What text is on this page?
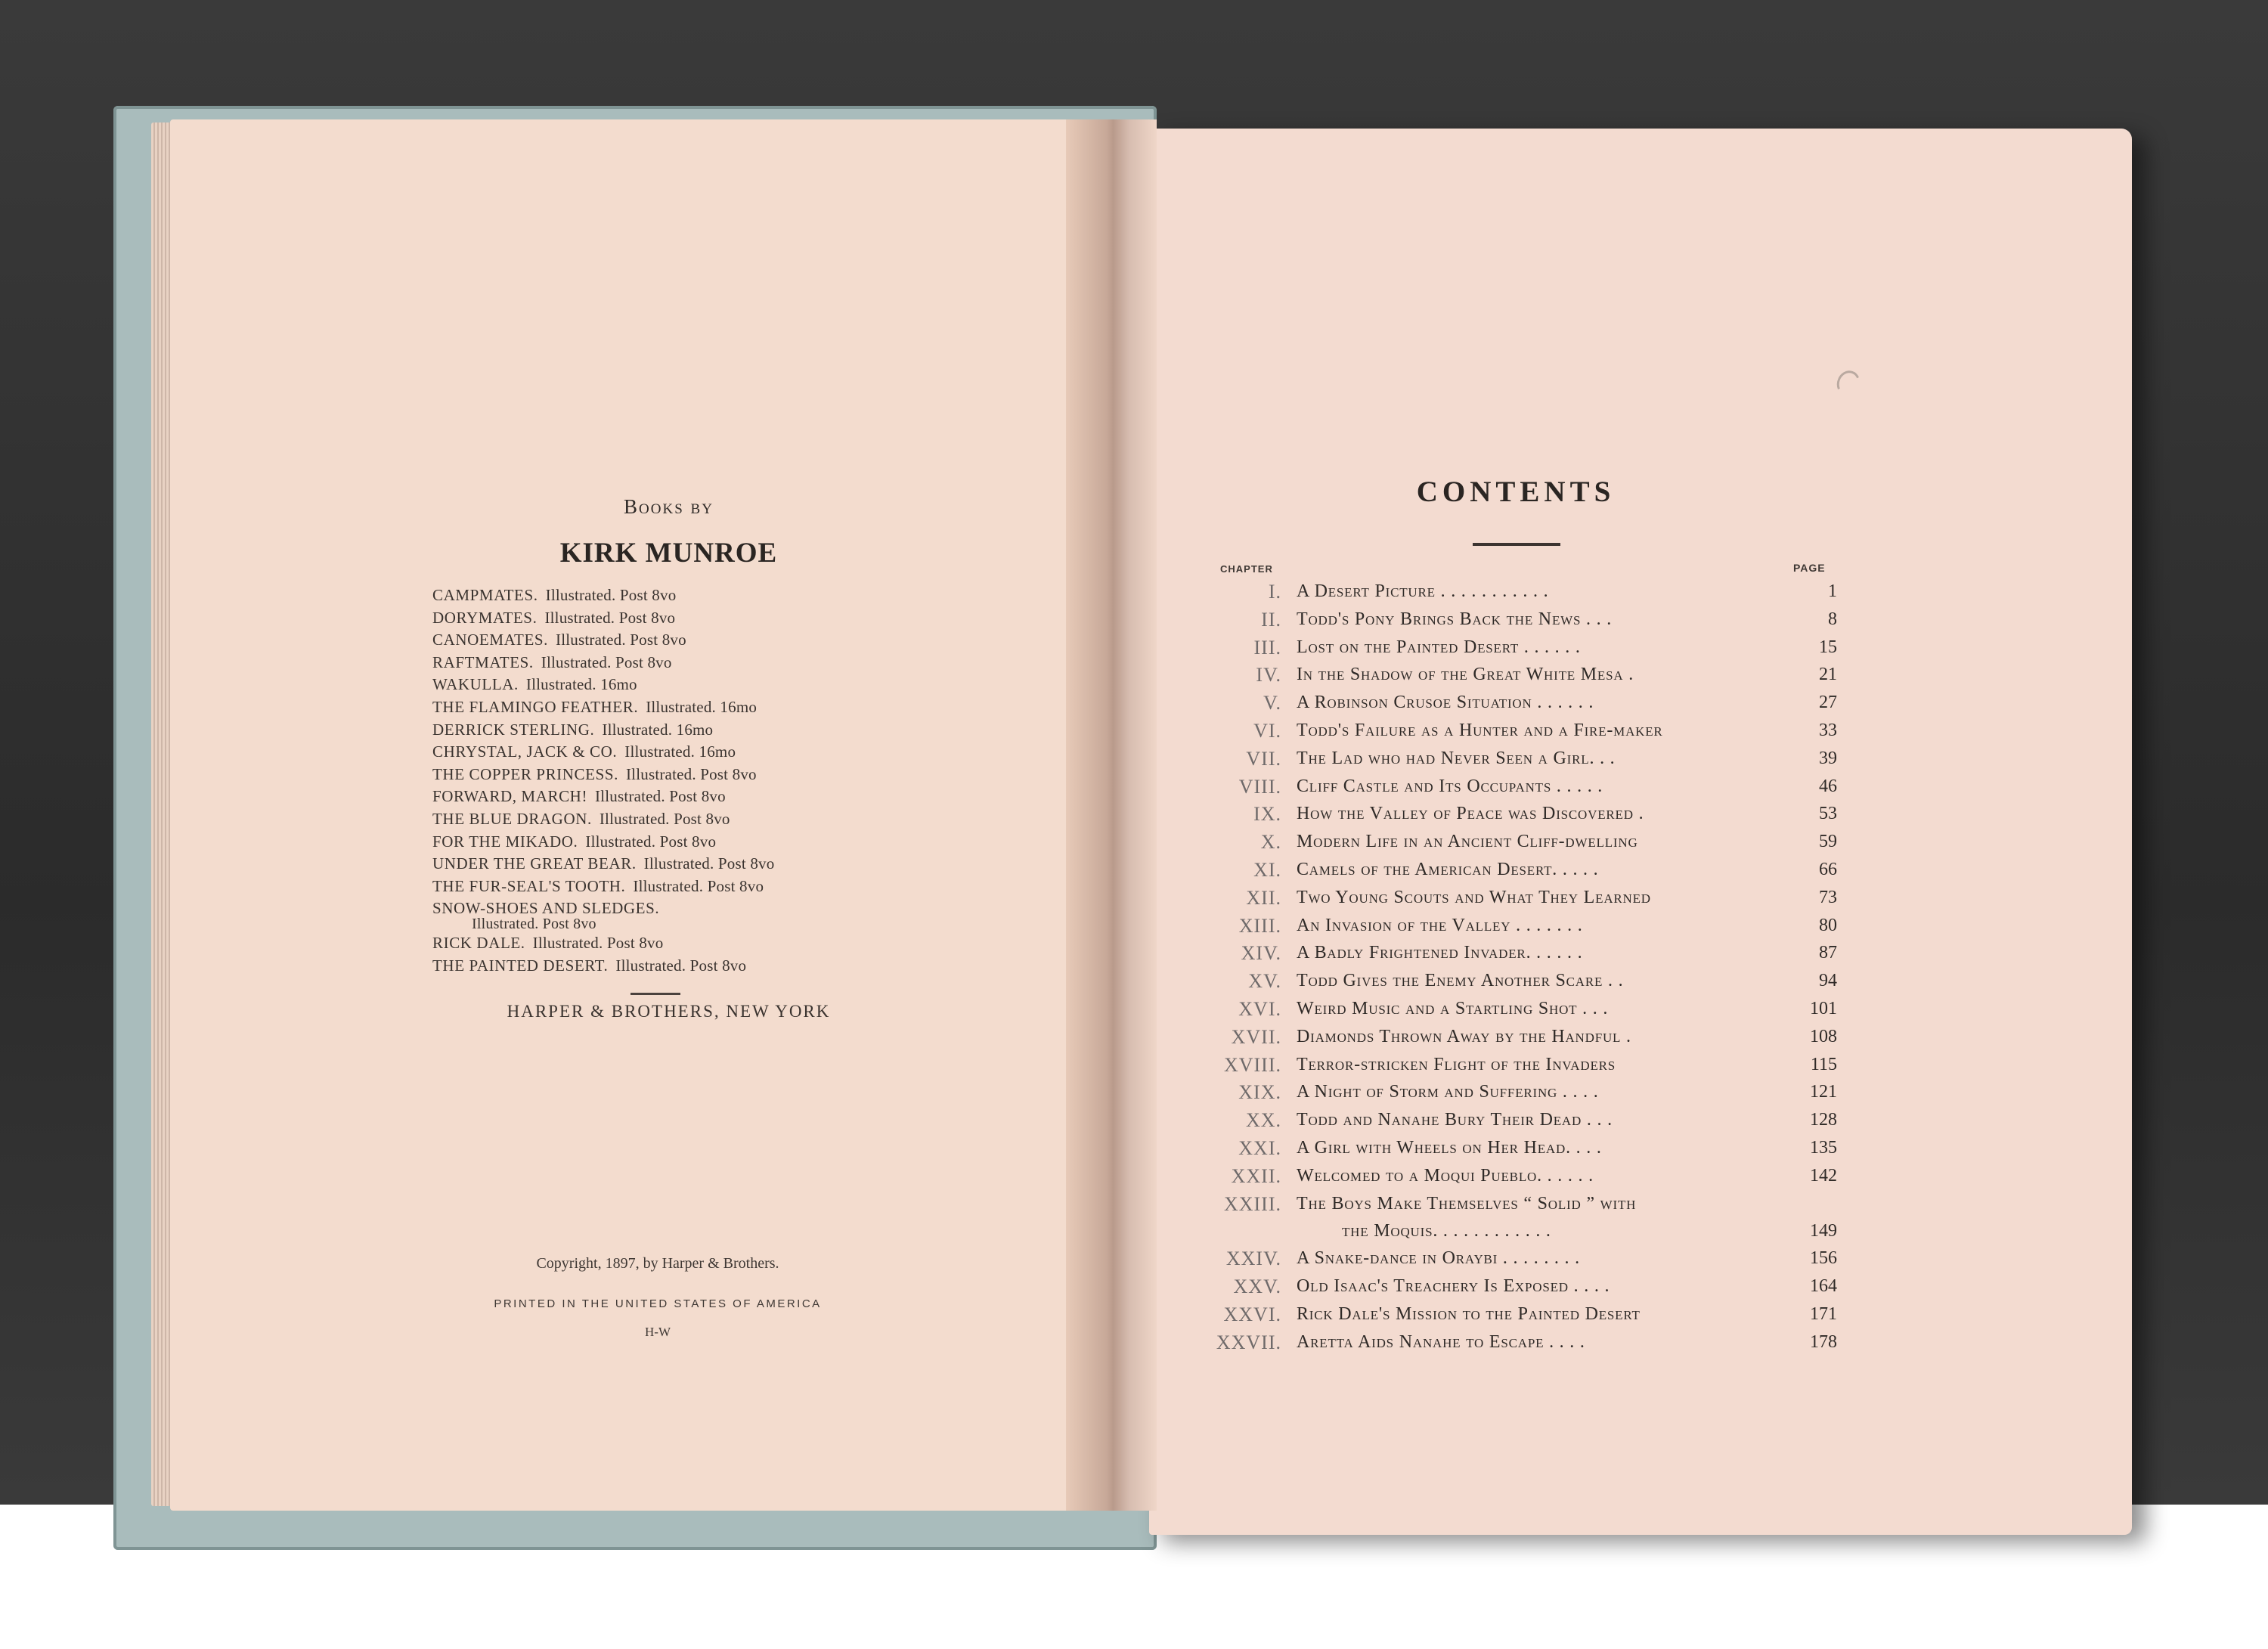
Books by
KIRK MUNROE
CAMPMATES. Illustrated. Post 8vo
DORYMATES. Illustrated. Post 8vo
CANOEMATES. Illustrated. Post 8vo
RAFTMATES. Illustrated. Post 8vo
WAKULLA. Illustrated. 16mo
THE FLAMINGO FEATHER. Illustrated. 16mo
DERRICK STERLING. Illustrated. 16mo
CHRYSTAL, JACK & CO. Illustrated. 16mo
THE COPPER PRINCESS. Illustrated. Post 8vo
FORWARD, MARCH! Illustrated. Post 8vo
THE BLUE DRAGON. Illustrated. Post 8vo
FOR THE MIKADO. Illustrated. Post 8vo
UNDER THE GREAT BEAR. Illustrated. Post 8vo
THE FUR-SEAL'S TOOTH. Illustrated. Post 8vo
SNOW-SHOES AND SLEDGES.
Illustrated. Post 8vo
RICK DALE. Illustrated. Post 8vo
THE PAINTED DESERT. Illustrated. Post 8vo
HARPER & BROTHERS, NEW YORK
Copyright, 1897, by Harper & Brothers.
PRINTED IN THE UNITED STATES OF AMERICA
H-W
CONTENTS
CHAPTER	PAGE
I. A Desert Picture . . . . . . . . . . .	1
II. Todd's Pony Brings Back the News . . .	8
III. Lost on the Painted Desert . . . . . .	15
IV. In the Shadow of the Great White Mesa .	21
V. A Robinson Crusoe Situation . . . . . .	27
VI. Todd's Failure as a Hunter and a Fire-maker	33
VII. The Lad who had Never Seen a Girl. . .	39
VIII. Cliff Castle and Its Occupants . . . . .	46
IX. How the Valley of Peace was Discovered .	53
X. Modern Life in an Ancient Cliff-dwelling	59
XI. Camels of the American Desert. . . . .	66
XII. Two Young Scouts and What They Learned	73
XIII. An Invasion of the Valley . . . . . . .	80
XIV. A Badly Frightened Invader. . . . . .	87
XV. Todd Gives the Enemy Another Scare . .	94
XVI. Weird Music and a Startling Shot . . .	101
XVII. Diamonds Thrown Away by the Handful .	108
XVIII. Terror-stricken Flight of the Invaders	115
XIX. A Night of Storm and Suffering . . . .	121
XX. Todd and Nanahe Bury Their Dead . . .	128
XXI. A Girl with Wheels on Her Head. . . .	135
XXII. Welcomed to a Moqui Pueblo. . . . . .	142
XXIII. The Boys Make Themselves “ Solid ” with
the Moquis. . . . . . . . . . . .	149
XXIV. A Snake-dance in Oraybi . . . . . . . .	156
XXV. Old Isaac's Treachery Is Exposed . . . .	164
XXVI. Rick Dale's Mission to the Painted Desert	171
XXVII. Aretta Aids Nanahe to Escape . . . .	178
